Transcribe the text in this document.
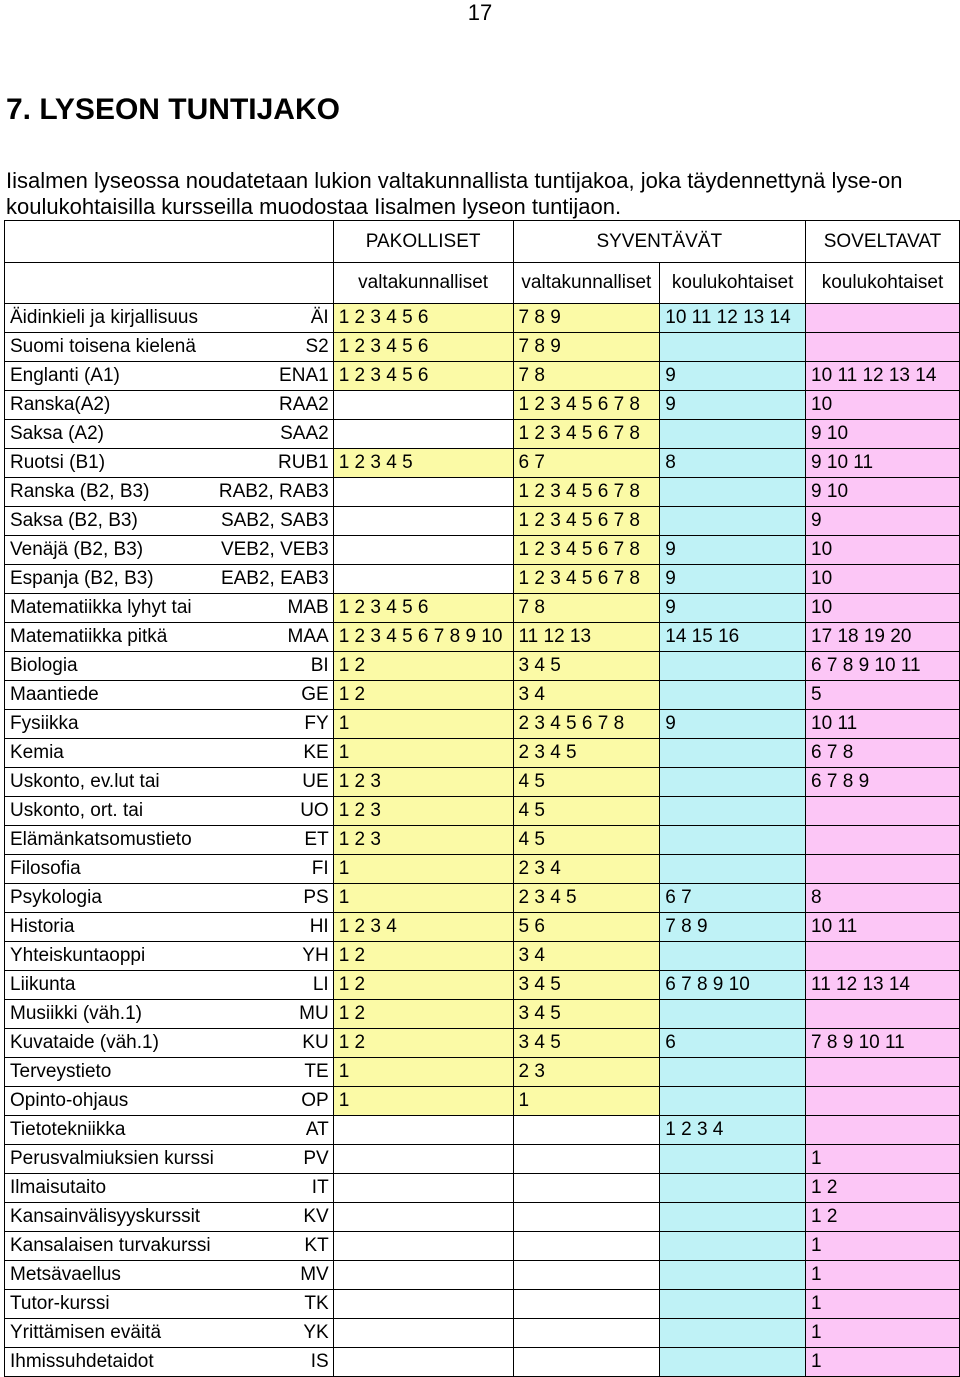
17
7. LYSEON TUNTIJAKO

Iisalmen lyseossa noudatetaan lukion valtakunnallista tuntijakoa, joka täydennettynä lyse-on koulukohtaisilla kursseilla muodostaa Iisalmen lyseon tuntijaon.

		PAKOLLISET	SYVENTÄVÄT		SOVELTAVAT
		valtakunnalliset	valtakunnalliset	koulukohtaiset	koulukohtaiset
Äidinkieli ja kirjallisuus	ÄI	1 2 3 4 5 6	7 8 9	10 11 12 13 14	
Suomi toisena kielenä	S2	1 2 3 4 5 6	7 8 9		
Englanti (A1)	ENA1	1 2 3 4 5 6	7 8	9	10 11 12 13 14
Ranska(A2)	RAA2		1 2 3 4 5 6 7 8	9	10
Saksa (A2)	SAA2		1 2 3 4 5 6 7 8		9 10
Ruotsi (B1)	RUB1	1 2 3 4 5	6 7	8	9 10 11
Ranska (B2, B3)	RAB2, RAB3		1 2 3 4 5 6 7 8		9 10
Saksa (B2, B3)	SAB2, SAB3		1 2 3 4 5 6 7 8		9
Venäjä (B2, B3)	VEB2, VEB3		1 2 3 4 5 6 7 8	9	10
Espanja (B2, B3)	EAB2, EAB3		1 2 3 4 5 6 7 8	9	10
Matematiikka lyhyt tai	MAB	1 2 3 4 5 6	7 8	9	10
Matematiikka pitkä	MAA	1 2 3 4 5 6 7 8 9 10	11 12 13	14 15 16	17 18 19 20
Biologia	BI	1 2	3 4 5		6 7 8 9 10 11
Maantiede	GE	1 2	3 4		5
Fysiikka	FY	1	2 3 4 5 6 7 8	9	10 11
Kemia	KE	1	2 3 4 5		6 7 8
Uskonto, ev.lut tai	UE	1 2 3	4 5		6 7 8 9
Uskonto, ort. tai	UO	1 2 3	4 5		
Elämänkatsomustieto	ET	1 2 3	4 5		
Filosofia	FI	1	2 3 4		
Psykologia	PS	1	2 3 4 5	6 7	8
Historia	HI	1 2 3 4	5 6	7 8 9	10 11
Yhteiskuntaoppi	YH	1 2	3 4		
Liikunta	LI	1 2	3 4 5	6 7 8 9 10	11 12 13 14
Musiikki (väh.1)	MU	1 2	3 4 5		
Kuvataide (väh.1)	KU	1 2	3 4 5	6	7 8 9 10 11
Terveystieto	TE	1	2 3		
Opinto-ohjaus	OP	1	1		
Tietotekniikka	AT			1 2 3 4	
Perusvalmiuksien kurssi	PV				1
Ilmaisutaito	IT				1 2
Kansainvälisyyskurssit	KV				1 2
Kansalaisen turvakurssi	KT				1
Metsävaellus	MV				1
Tutor-kurssi	TK				1
Yrittämisen eväitä	YK				1
Ihmissuhdetaidot	IS				1
